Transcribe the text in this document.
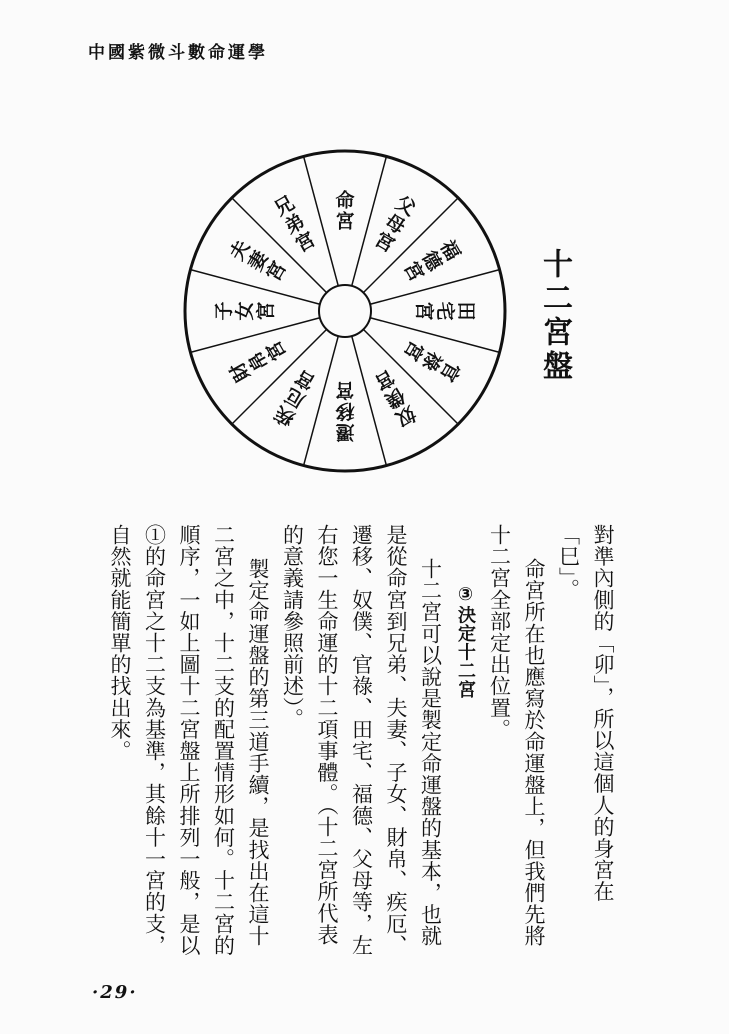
中國紫微斗數命運學
命宮
父母宮	福德宮
田宅宮
官祿宮
奴僕宮
遷移宮
疾厄宮
財帛宮
子女宮
夫妻宮
兄弟宮
十二宮盤

對準內側的「卯」，所以這個人的身宮在「巳」。

命宮所在也應寫於命運盤上，但我們先將十二宮全部定出位置。

③決定十二宮

十二宮可以說是製定命運盤的基本，也就是從命宮到兄弟、夫妻、子女、財帛、疾厄、遷移、奴僕、官祿、田宅、福德、父母等，左右您一生命運的十二項事體。（十二宮所代表的意義請參照前述）。

製定命運盤的第三道手續，是找出在這十二宮之中，十二支的配置情形如何。十二宮的順序，一如上圖十二宮盤上所排列一般，是以①的命宮之十二支為基準，其餘十一宮的支，自然就能簡單的找出來。

·29·
